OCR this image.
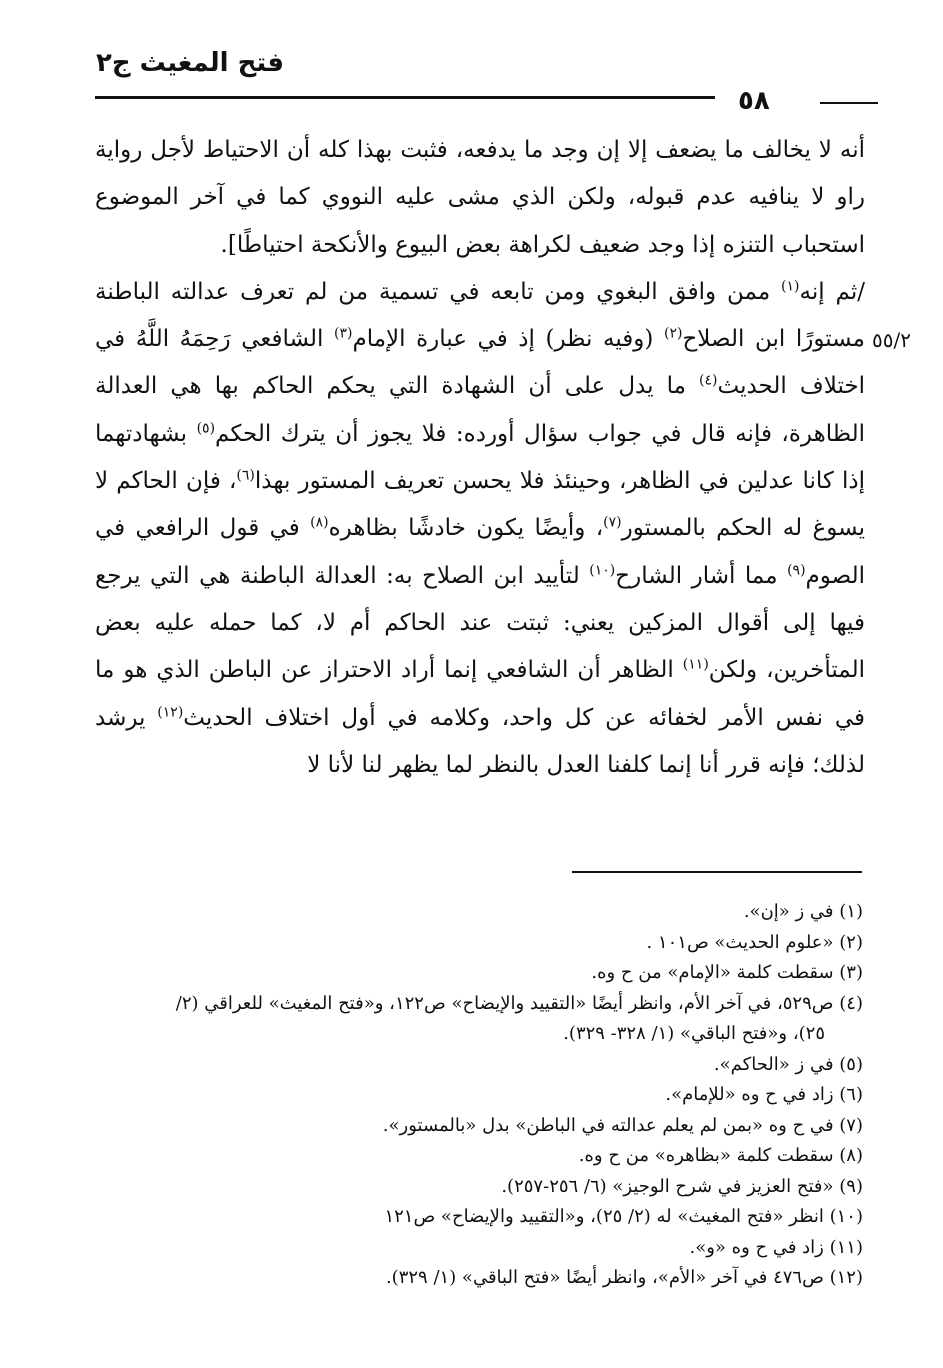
فتح المغيث ج٢
٥٨
٥٥/٢

أنه لا يخالف ما يضعف إلا إن وجد ما يدفعه، فثبت بهذا كله أن الاحتياط لأجل رواية راو لا ينافيه عدم قبوله، ولكن الذي مشى عليه النووي كما في آخر الموضوع استحباب التنزه إذا وجد ضعيف لكراهة بعض البيوع والأنكحة احتياطًا].

/ثم إنه$^{(١)}$ ممن وافق البغوي ومن تابعه في تسمية من لم تعرف عدالته الباطنة مستورًا ابن الصلاح$^{(٢)}$ (وفيه نظر) إذ في عبارة الإمام$^{(٣)}$ الشافعي رَحِمَهُ اللَّهُ في اختلاف الحديث$^{(٤)}$ ما يدل على أن الشهادة التي يحكم الحاكم بها هي العدالة الظاهرة، فإنه قال في جواب سؤال أورده: فلا يجوز أن يترك الحكم$^{(٥)}$ بشهادتهما إذا كانا عدلين في الظاهر، وحينئذ فلا يحسن تعريف المستور بهذا$^{(٦)}$، فإن الحاكم لا يسوغ له الحكم بالمستور$^{(٧)}$، وأيضًا يكون خادشًا بظاهره$^{(٨)}$ في قول الرافعي في الصوم$^{(٩)}$ مما أشار الشارح$^{(١٠)}$ لتأييد ابن الصلاح به: العدالة الباطنة هي التي يرجع فيها إلى أقوال المزكين يعني: ثبتت عند الحاكم أم لا، كما حمله عليه بعض المتأخرين، ولكن$^{(١١)}$ الظاهر أن الشافعي إنما أراد الاحتراز عن الباطن الذي هو ما في نفس الأمر لخفائه عن كل واحد، وكلامه في أول اختلاف الحديث$^{(١٢)}$ يرشد لذلك؛ فإنه قرر أنا إنما كلفنا العدل بالنظر لما يظهر لنا لأنا لا

(١) في ز «إن».

(٢) «علوم الحديث» ص١٠١ .

(٣) سقطت كلمة «الإمام» من ح وه.

(٤) ص٥٢٩، في آخر الأم، وانظر أيضًا «التقييد والإيضاح» ص١٢٢، و«فتح المغيث» للعراقي (٢/

٢٥)، و«فتح الباقي» (١/ ٣٢٨- ٣٢٩).

(٥) في ز «الحاكم».

(٦) زاد في ح وه «للإمام».

(٧) في ح وه «بمن لم يعلم عدالته في الباطن» بدل «بالمستور».

(٨) سقطت كلمة «بظاهره» من ح وه.

(٩) «فتح العزيز في شرح الوجيز» (٦/ ٢٥٦-٢٥٧).

(١٠) انظر «فتح المغيث» له (٢/ ٢٥)، و«التقييد والإيضاح» ص١٢١

(١١) زاد في ح وه «و».

(١٢) ص٤٧٦ في آخر «الأم»، وانظر أيضًا «فتح الباقي» (١/ ٣٢٩).
